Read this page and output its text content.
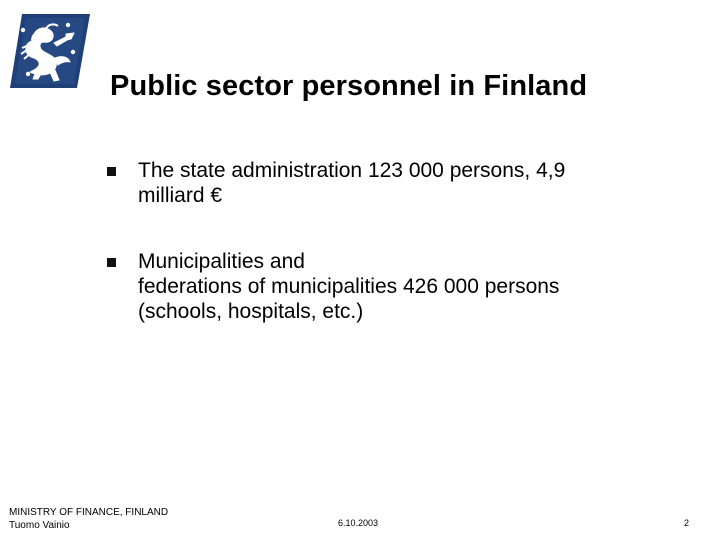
Public sector personnel in Finland
The state administration 123 000 persons, 4,9
milliard €
Municipalities and
federations of municipalities 426 000 persons
(schools, hospitals, etc.)
MINISTRY OF FINANCE, FINLAND
Tuomo Vainio	6.10.2003	2
